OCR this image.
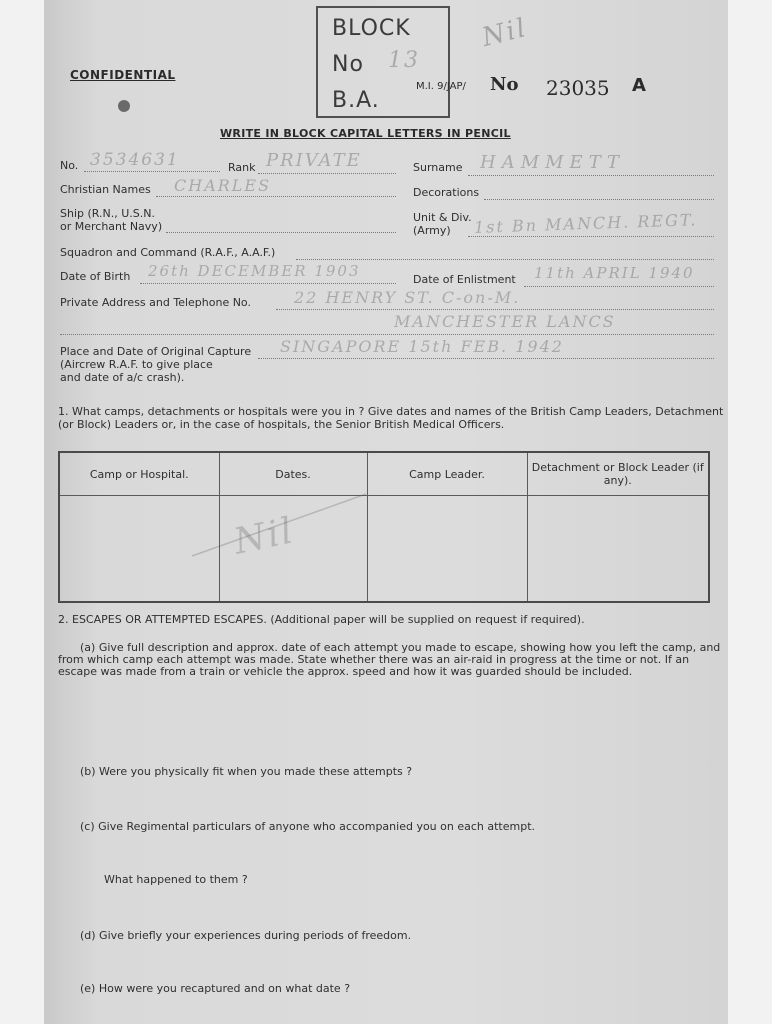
CONFIDENTIAL
BLOCK
No 13
B.A.
Nil
M.I. 9/JAP/ No 23035 A
WRITE IN BLOCK CAPITAL LETTERS IN PENCIL
No. 3534631	Rank PRIVATE	Surname HAMMETT
Christian Names CHARLES	Decorations
Ship (R.N., U.S.N.
or Merchant Navy)
Unit & Div.
(Army) 1st Bn MANCH. REGT.
Squadron and Command (R.A.F., A.A.F.)
Date of Birth 26th DECEMBER 1903	Date of Enlistment 11th APRIL 1940
Private Address and Telephone No.	22 HENRY ST. C-on-M.
MANCHESTER LANCS
Place and Date of Original Capture
(Aircrew R.A.F. to give place
and date of a/c crash).
SINGAPORE 15th FEB. 1942
1. What camps, detachments or hospitals were you in ? Give dates and names of the British Camp Leaders, Detachment
(or Block) Leaders or, in the case of hospitals, the Senior British Medical Officers.
Camp or Hospital.	Dates.	Camp Leader.	Detachment or Block Leader (if any).

Nil
2. ESCAPES OR ATTEMPTED ESCAPES. (Additional paper will be supplied on request if required).
(a) Give full description and approx. date of each attempt you made to escape, showing how you left the camp, and
from which camp each attempt was made. State whether there was an air-raid in progress at the time or not. If an
escape was made from a train or vehicle the approx. speed and how it was guarded should be included.
(b) Were you physically fit when you made these attempts ?
(c) Give Regimental particulars of anyone who accompanied you on each attempt.
What happened to them ?
(d) Give briefly your experiences during periods of freedom.
(e) How were you recaptured and on what date ?
